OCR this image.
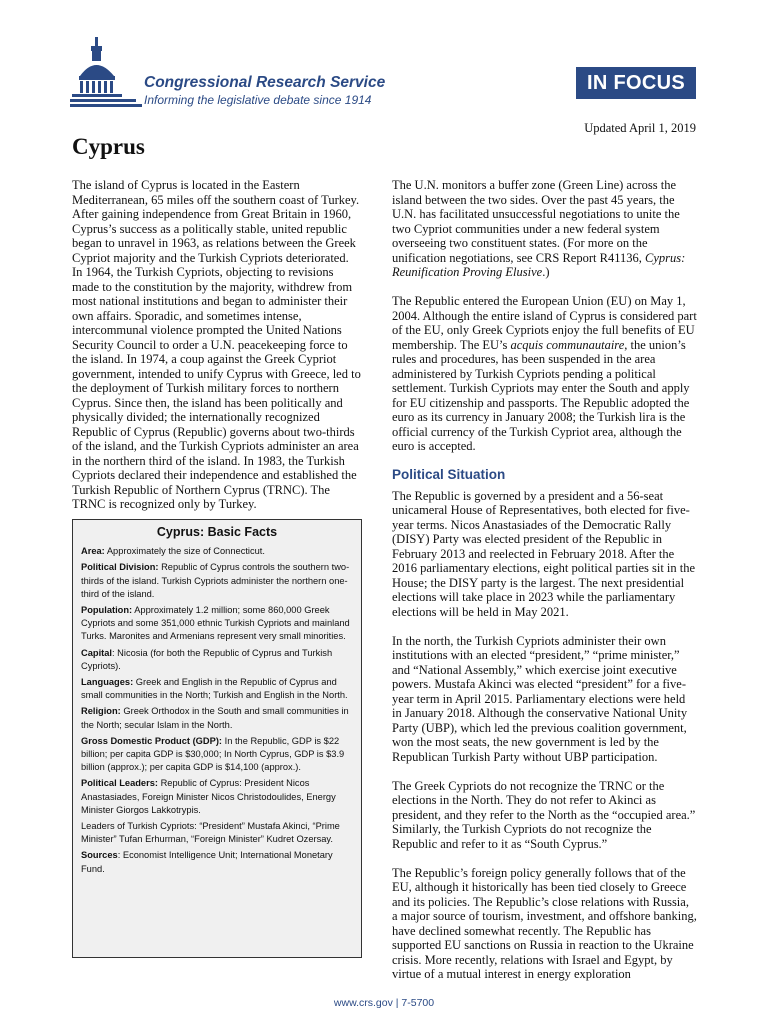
Congressional Research Service
Informing the legislative debate since 1914
IN FOCUS
Updated April 1, 2019
Cyprus

The island of Cyprus is located in the Eastern Mediterranean, 65 miles off the southern coast of Turkey. After gaining independence from Great Britain in 1960, Cyprus’s success as a politically stable, united republic began to unravel in 1963, as relations between the Greek Cypriot majority and the Turkish Cypriots deteriorated. In 1964, the Turkish Cypriots, objecting to revisions made to the constitution by the majority, withdrew from most national institutions and began to administer their own affairs. Sporadic, and sometimes intense, intercommunal violence prompted the United Nations Security Council to order a U.N. peacekeeping force to the island. In 1974, a coup against the Greek Cypriot government, intended to unify Cyprus with Greece, led to the deployment of Turkish military forces to northern Cyprus. Since then, the island has been politically and physically divided; the internationally recognized Republic of Cyprus (Republic) governs about two-thirds of the island, and the Turkish Cypriots administer an area in the northern third of the island. In 1983, the Turkish Cypriots declared their independence and established the Turkish Republic of Northern Cyprus (TRNC). The TRNC is recognized only by Turkey.

Cyprus: Basic Facts
Area: Approximately the size of Connecticut.
Political Division: Republic of Cyprus controls the southern two-thirds of the island. Turkish Cypriots administer the northern one-third of the island.
Population: Approximately 1.2 million; some 860,000 Greek Cypriots and some 351,000 ethnic Turkish Cypriots and mainland Turks. Maronites and Armenians represent very small minorities.
Capital: Nicosia (for both the Republic of Cyprus and Turkish Cypriots).
Languages: Greek and English in the Republic of Cyprus and small communities in the North; Turkish and English in the North.
Religion: Greek Orthodox in the South and small communities in the North; secular Islam in the North.
Gross Domestic Product (GDP): In the Republic, GDP is $22 billion; per capita GDP is $30,000; In North Cyprus, GDP is $3.9 billion (approx.); per capita GDP is $14,100 (approx.).
Political Leaders: Republic of Cyprus: President Nicos Anastasiades, Foreign Minister Nicos Christodoulides, Energy Minister Giorgos Lakkotrypis.
Leaders of Turkish Cypriots: “President” Mustafa Akinci, “Prime Minister” Tufan Erhurman, “Foreign Minister” Kudret Ozersay.
Sources: Economist Intelligence Unit; International Monetary Fund.

The U.N. monitors a buffer zone (Green Line) across the island between the two sides. Over the past 45 years, the U.N. has facilitated unsuccessful negotiations to unite the two Cypriot communities under a new federal system overseeing two constituent states. (For more on the unification negotiations, see CRS Report R41136, Cyprus: Reunification Proving Elusive.)

The Republic entered the European Union (EU) on May 1, 2004. Although the entire island of Cyprus is considered part of the EU, only Greek Cypriots enjoy the full benefits of EU membership. The EU’s acquis communautaire, the union’s rules and procedures, has been suspended in the area administered by Turkish Cypriots pending a political settlement. Turkish Cypriots may enter the South and apply for EU citizenship and passports. The Republic adopted the euro as its currency in January 2008; the Turkish lira is the official currency of the Turkish Cypriot area, although the euro is accepted.

Political Situation

The Republic is governed by a president and a 56-seat unicameral House of Representatives, both elected for five-year terms. Nicos Anastasiades of the Democratic Rally (DISY) Party was elected president of the Republic in February 2013 and reelected in February 2018. After the 2016 parliamentary elections, eight political parties sit in the House; the DISY party is the largest. The next presidential elections will take place in 2023 while the parliamentary elections will be held in May 2021.

In the north, the Turkish Cypriots administer their own institutions with an elected “president,” “prime minister,” and “National Assembly,” which exercise joint executive powers. Mustafa Akinci was elected “president” for a five-year term in April 2015. Parliamentary elections were held in January 2018. Although the conservative National Unity Party (UBP), which led the previous coalition government, won the most seats, the new government is led by the Republican Turkish Party without UBP participation.

The Greek Cypriots do not recognize the TRNC or the elections in the North. They do not refer to Akinci as president, and they refer to the North as the “occupied area.” Similarly, the Turkish Cypriots do not recognize the Republic and refer to it as “South Cyprus.”

The Republic’s foreign policy generally follows that of the EU, although it historically has been tied closely to Greece and its policies. The Republic’s close relations with Russia, a major source of tourism, investment, and offshore banking, have declined somewhat recently. The Republic has supported EU sanctions on Russia in reaction to the Ukraine crisis. More recently, relations with Israel and Egypt, by virtue of a mutual interest in energy exploration

www.crs.gov | 7-5700
